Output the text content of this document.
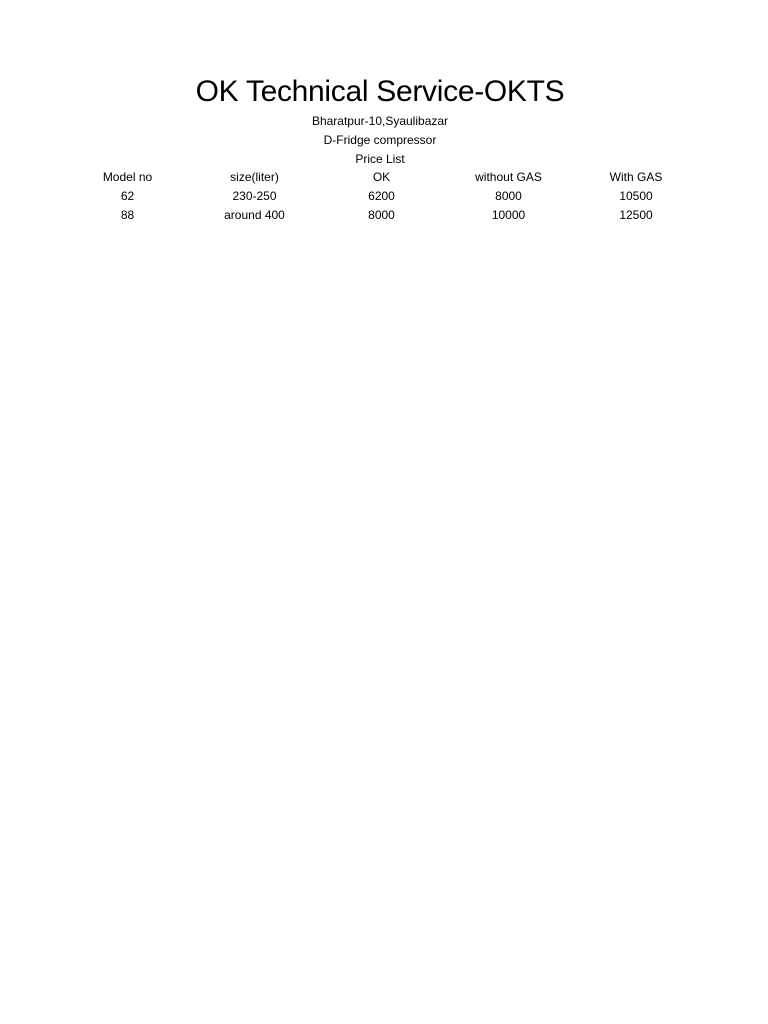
OK Technical Service-OKTS
Bharatpur-10,Syaulibazar
D-Fridge compressor
Price List
Model no	size(liter)	OK	without GAS	With GAS
62	230-250	6200	8000	10500
88	around 400	8000	10000	12500
